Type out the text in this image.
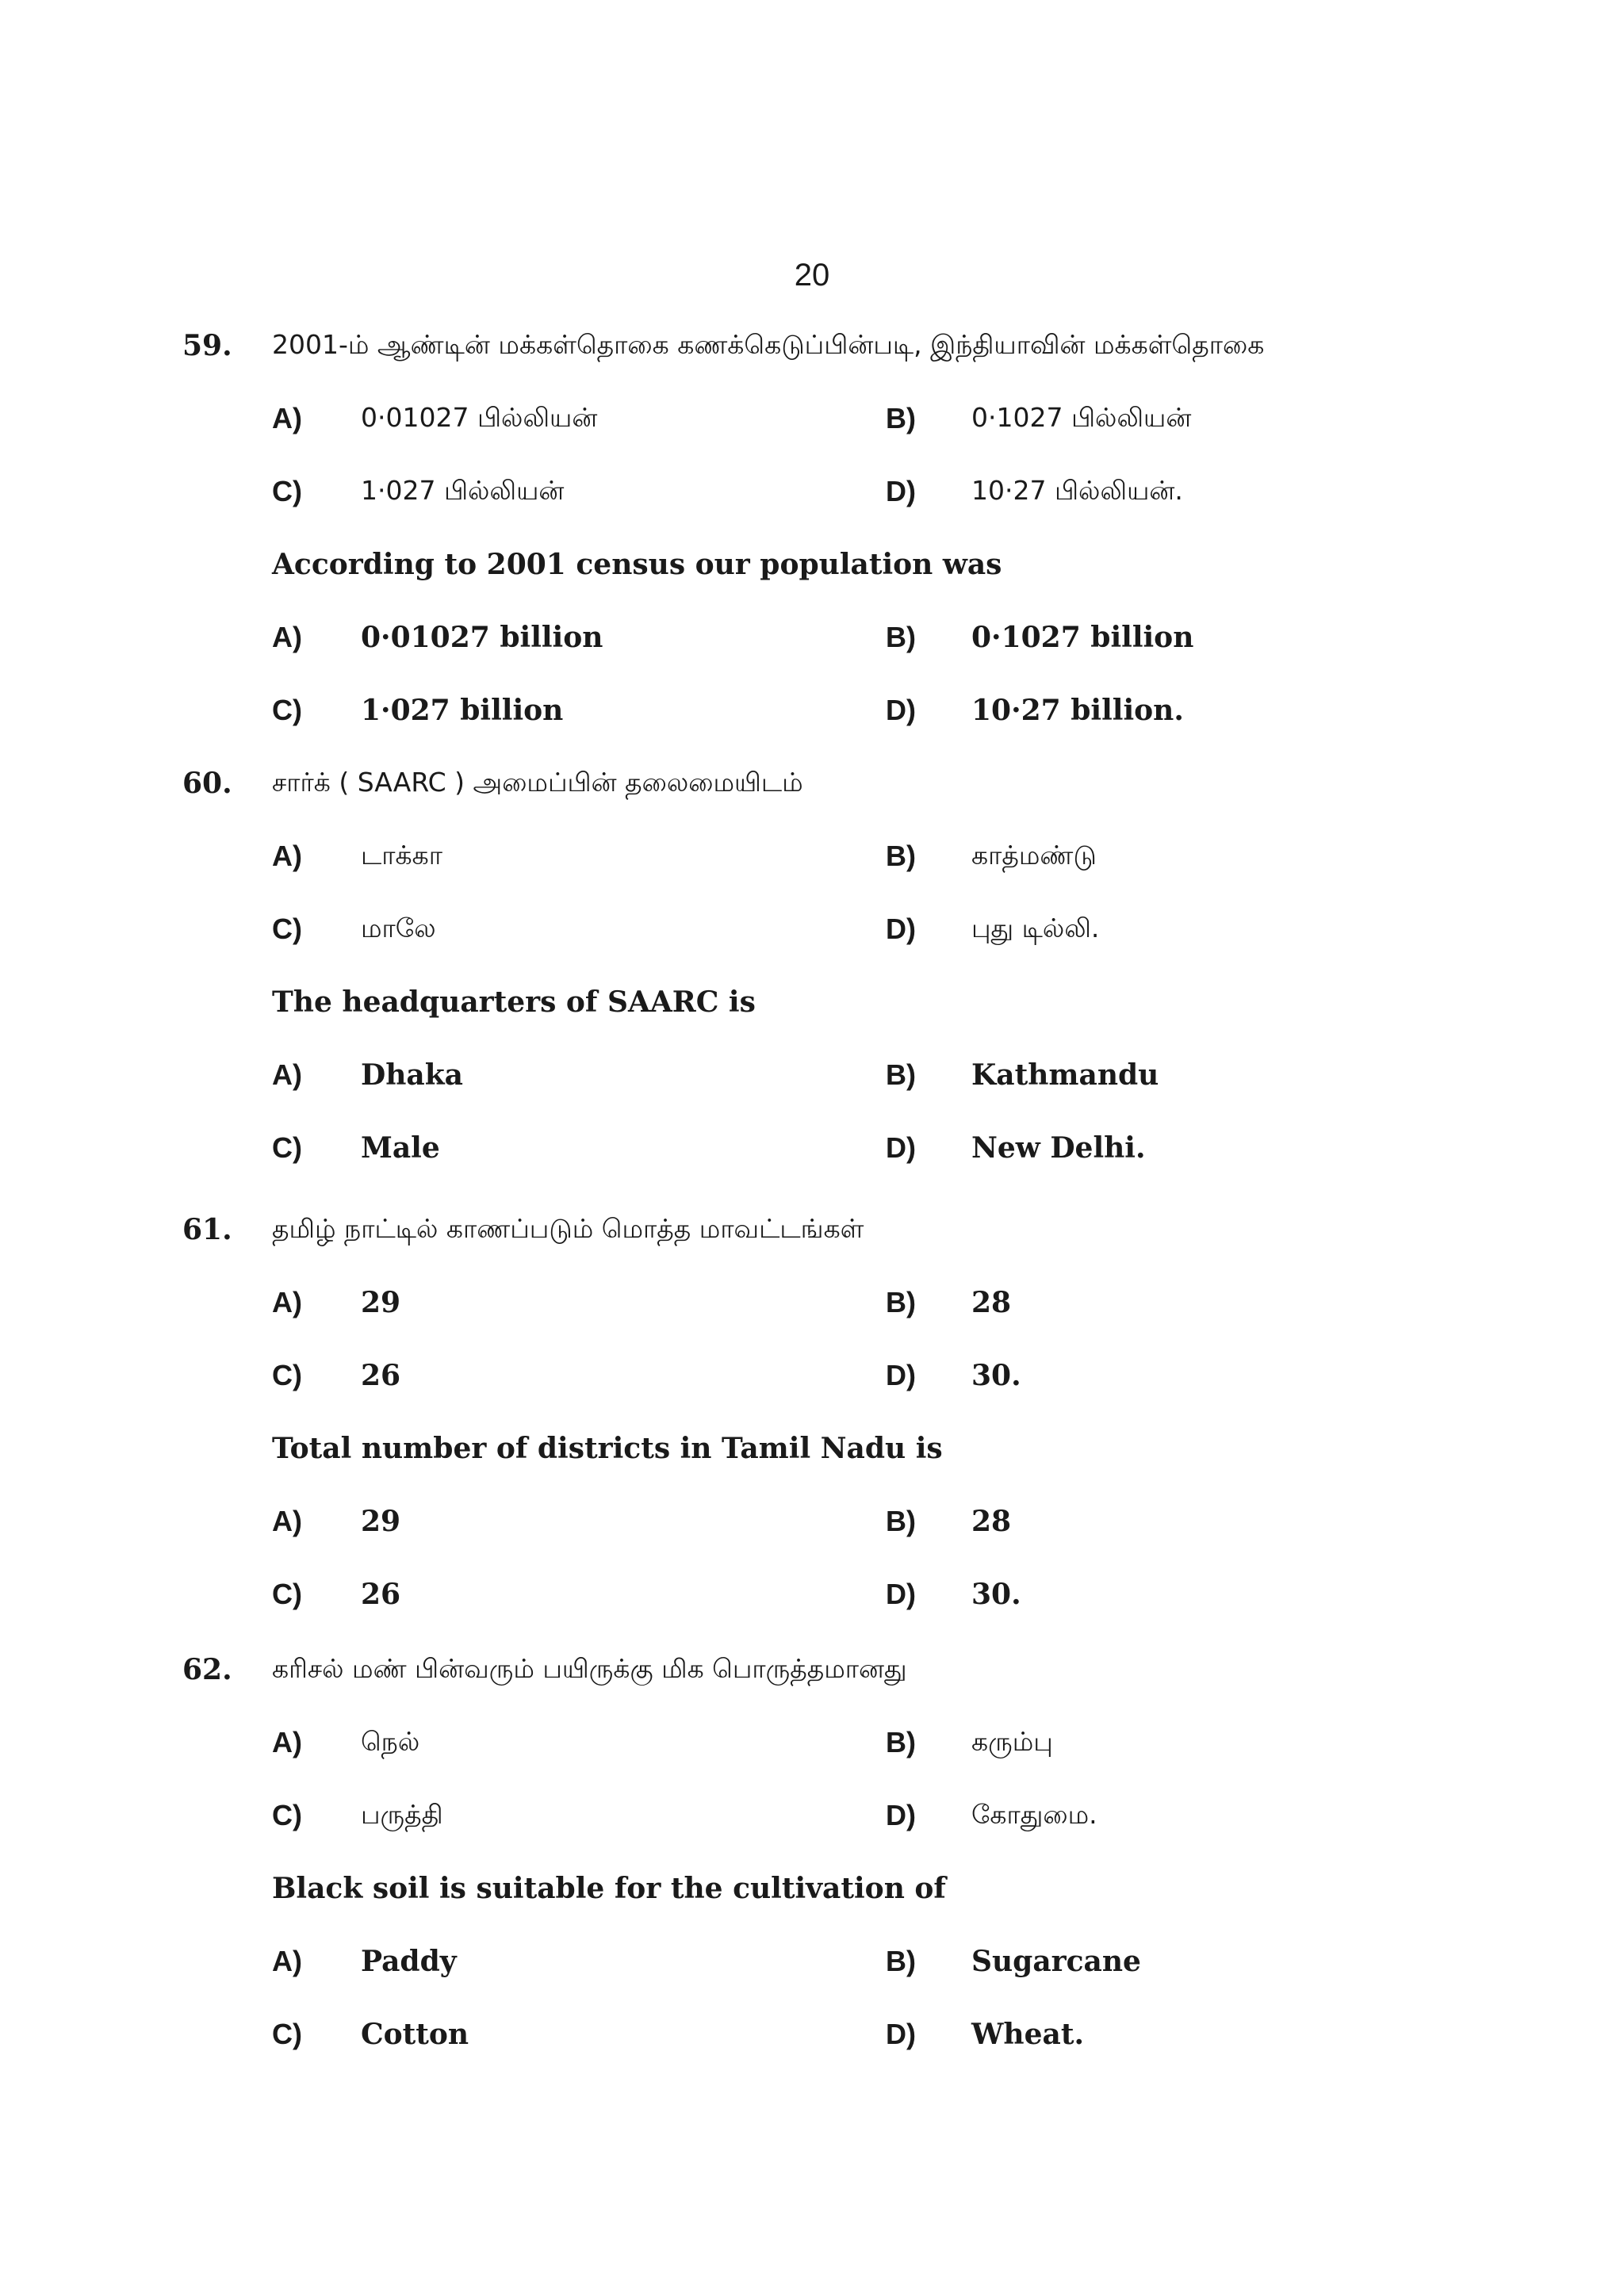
20
59. 2001-ம் ஆண்டின் மக்கள்தொகை கணக்கெடுப்பின்படி, இந்தியாவின் மக்கள்தொகை
A) 0·01027 பில்லியன்	B) 0·1027 பில்லியன்
C) 1·027 பில்லியன்	D) 10·27 பில்லியன்.
According to 2001 census our population was
A) 0·01027 billion	B) 0·1027 billion
C) 1·027 billion	D) 10·27 billion.
60. சார்க் ( SAARC ) அமைப்பின் தலைமையிடம்
A) டாக்கா	B) காத்மண்டு
C) மாலே	D) புது டில்லி.
The headquarters of SAARC is
A) Dhaka	B) Kathmandu
C) Male	D) New Delhi.
61. தமிழ் நாட்டில் காணப்படும் மொத்த மாவட்டங்கள்
A) 29	B) 28
C) 26	D) 30.
Total number of districts in Tamil Nadu is
A) 29	B) 28
C) 26	D) 30.
62. கரிசல் மண் பின்வரும் பயிருக்கு மிக பொருத்தமானது
A) நெல்	B) கரும்பு
C) பருத்தி	D) கோதுமை.
Black soil is suitable for the cultivation of
A) Paddy	B) Sugarcane
C) Cotton	D) Wheat.
